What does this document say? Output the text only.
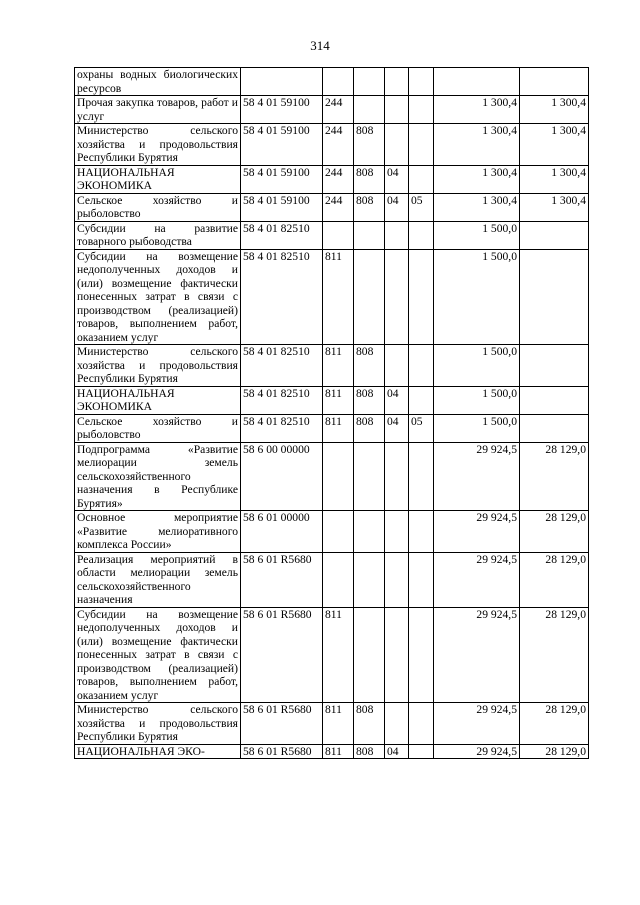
314
охраны водных биологических ресурсов							
Прочая закупка товаров, работ и услуг	58 4 01 59100	244				1 300,4	1 300,4
Министерство сельского хозяйства и продовольствия Республики Бурятия	58 4 01 59100	244	808			1 300,4	1 300,4
НАЦИОНАЛЬНАЯ ЭКОНОМИКА	58 4 01 59100	244	808	04		1 300,4	1 300,4
Сельское хозяйство и рыболовство	58 4 01 59100	244	808	04	05	1 300,4	1 300,4
Субсидии на развитие товарного рыбоводства	58 4 01 82510					1 500,0	
Субсидии на возмещение недополученных доходов и (или) возмещение фактически понесенных затрат в связи с производством (реализацией) товаров, выполнением работ, оказанием услуг	58 4 01 82510	811				1 500,0	
Министерство сельского хозяйства и продовольствия Республики Бурятия	58 4 01 82510	811	808			1 500,0	
НАЦИОНАЛЬНАЯ ЭКОНОМИКА	58 4 01 82510	811	808	04		1 500,0	
Сельское хозяйство и рыболовство	58 4 01 82510	811	808	04	05	1 500,0	
Подпрограмма «Развитие мелиорации земель сельскохозяйственного назначения в Республике Бурятия»	58 6 00 00000					29 924,5	28 129,0
Основное мероприятие «Развитие мелиоративного комплекса России»	58 6 01 00000					29 924,5	28 129,0
Реализация мероприятий в области мелиорации земель сельскохозяйственного назначения	58 6 01 R5680					29 924,5	28 129,0
Субсидии на возмещение недополученных доходов и (или) возмещение фактически понесенных затрат в связи с производством (реализацией) товаров, выполнением работ, оказанием услуг	58 6 01 R5680	811				29 924,5	28 129,0
Министерство сельского хозяйства и продовольствия Республики Бурятия	58 6 01 R5680	811	808			29 924,5	28 129,0
НАЦИОНАЛЬНАЯ ЭКО-	58 6 01 R5680	811	808	04		29 924,5	28 129,0
